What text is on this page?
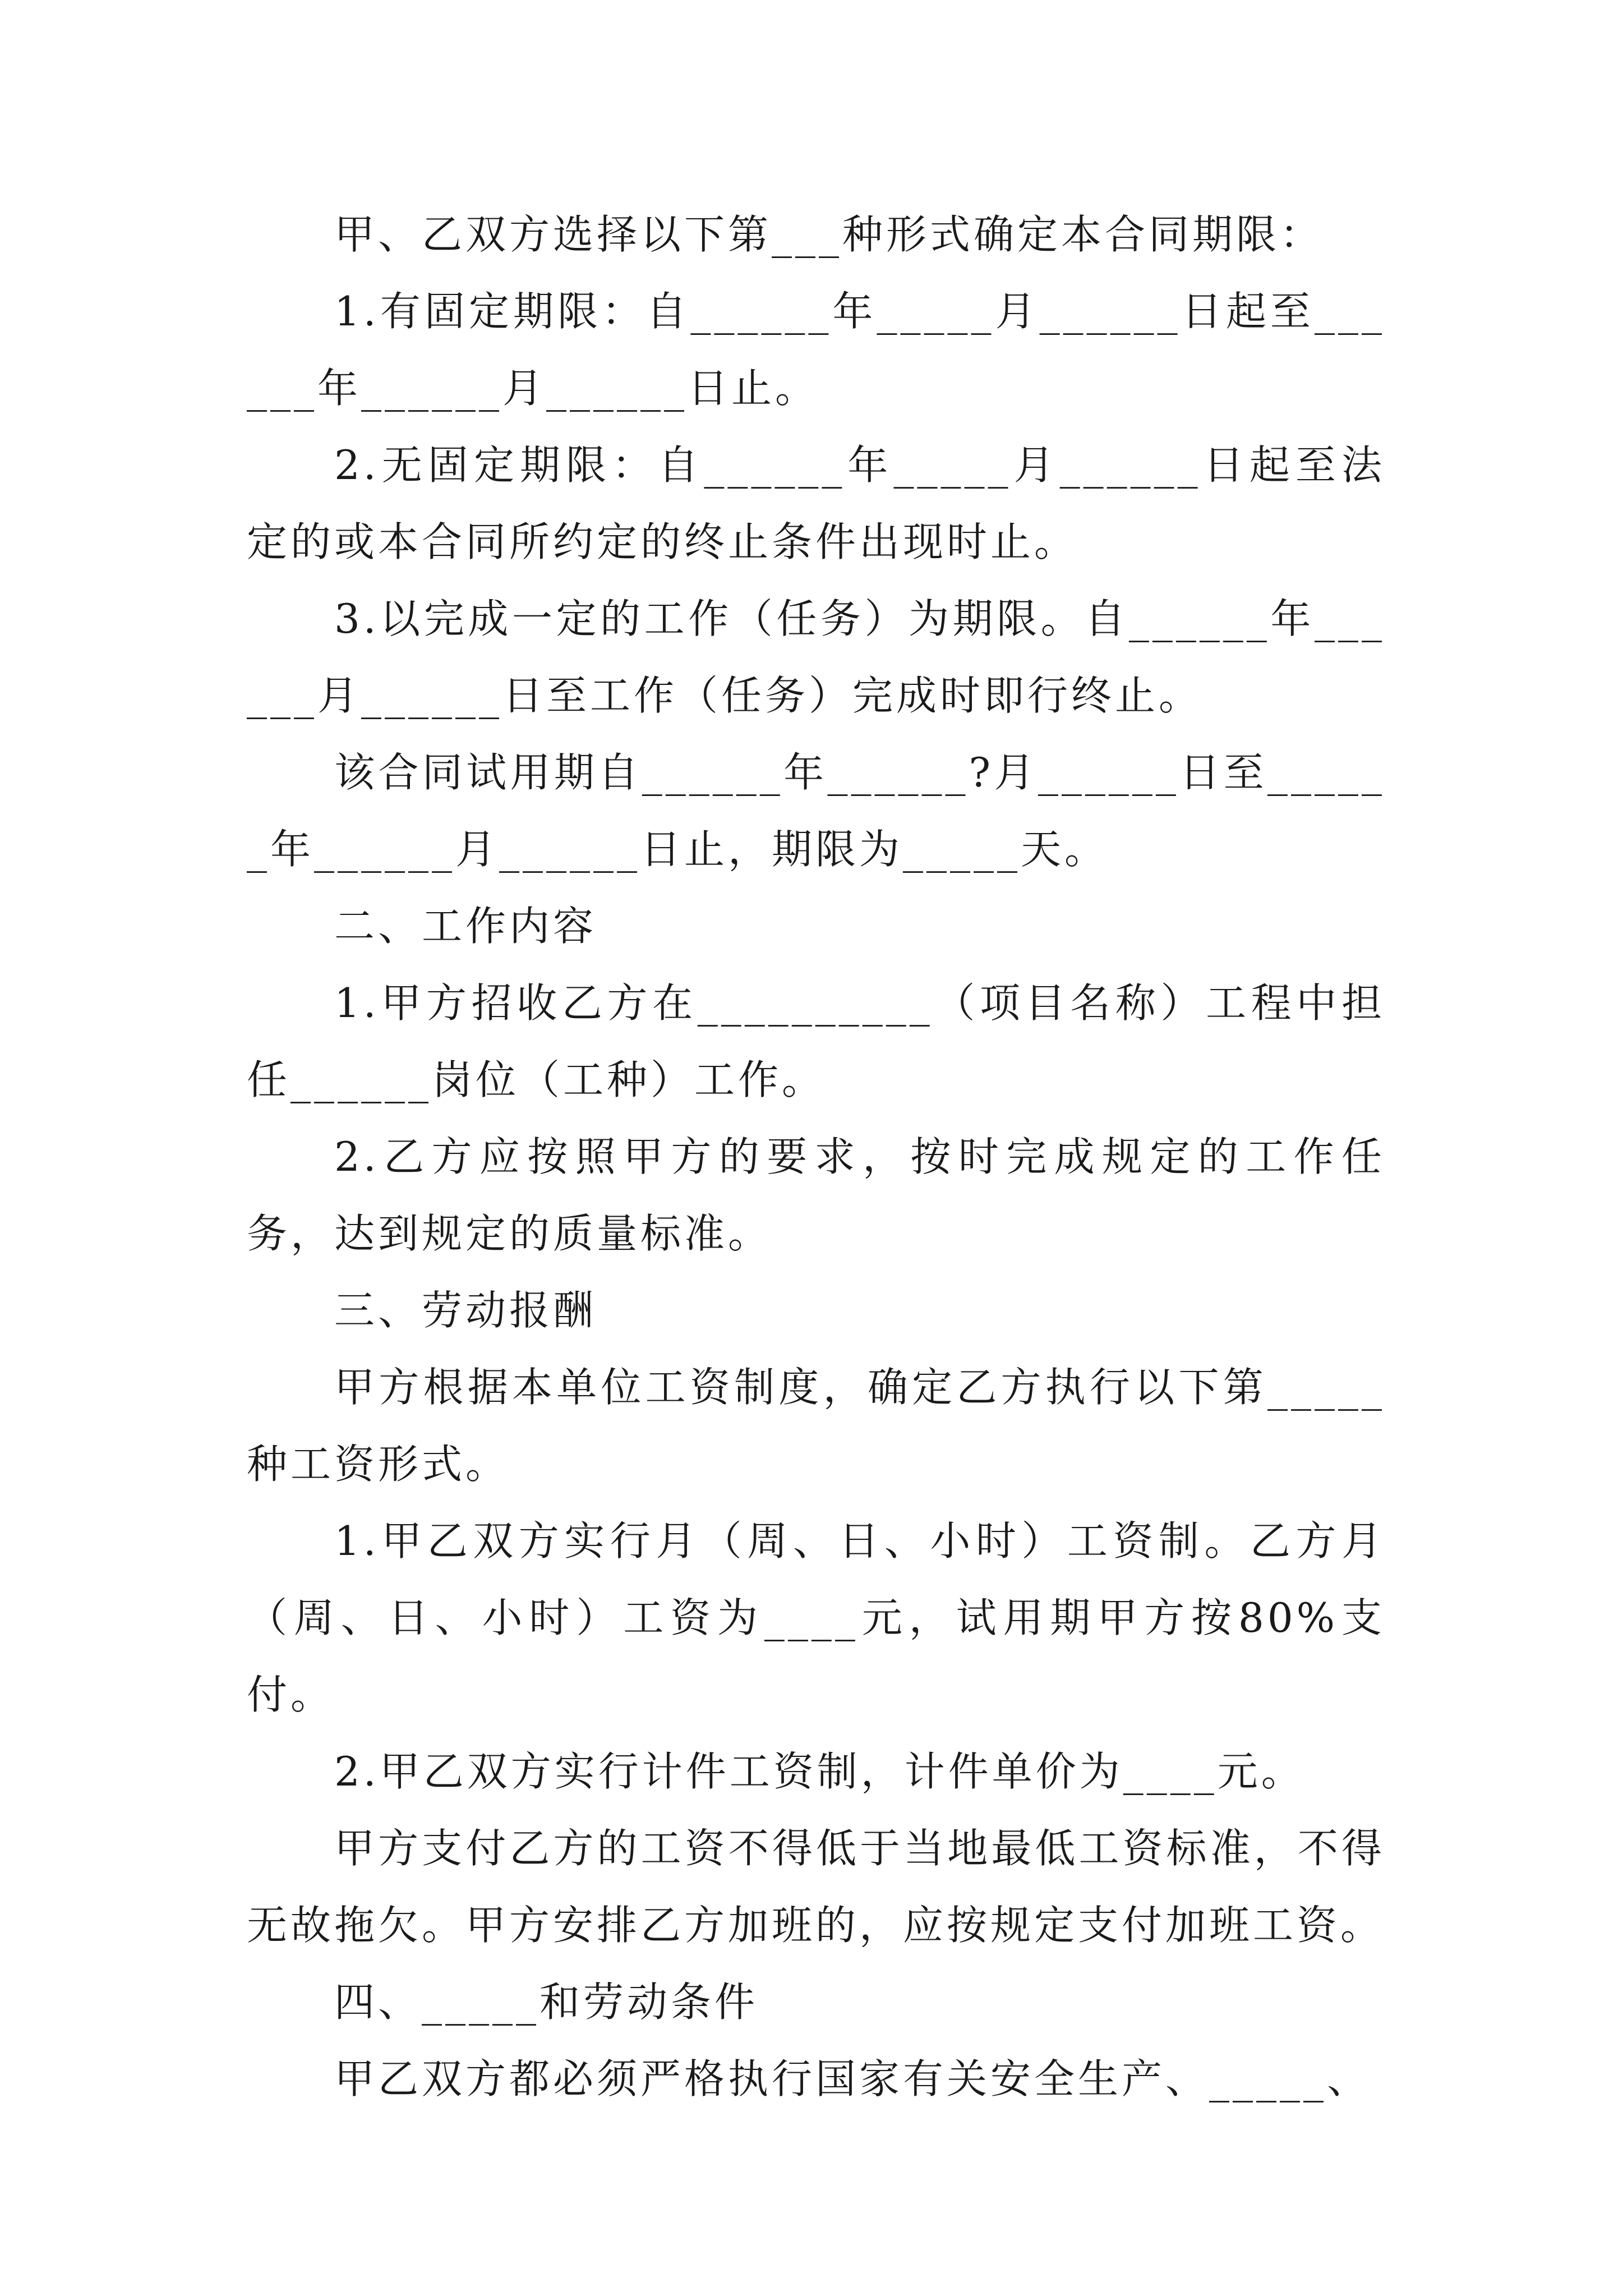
甲、乙双方选择以下第___种形式确定本合同期限：

1.有固定期限：自______年_____月______日起至______年______月______日止。

2.无固定期限：自______年_____月______日起至法定的或本合同所约定的终止条件出现时止。

3.以完成一定的工作（任务）为期限。自______年______月______日至工作（任务）完成时即行终止。

该合同试用期自______年______?月______日至______年______月______日止，期限为_____天。

二、工作内容

1.甲方招收乙方在__________（项目名称）工程中担任______岗位（工种）工作。

2.乙方应按照甲方的要求，按时完成规定的工作任务，达到规定的质量标准。

三、劳动报酬

甲方根据本单位工资制度，确定乙方执行以下第_____种工资形式。

1.甲乙双方实行月（周、日、小时）工资制。乙方月（周、日、小时）工资为____元，试用期甲方按80%支付。

2.甲乙双方实行计件工资制，计件单价为____元。

甲方支付乙方的工资不得低于当地最低工资标准，不得无故拖欠。甲方安排乙方加班的，应按规定支付加班工资。

四、_____和劳动条件

甲乙双方都必须严格执行国家有关安全生产、_____、
